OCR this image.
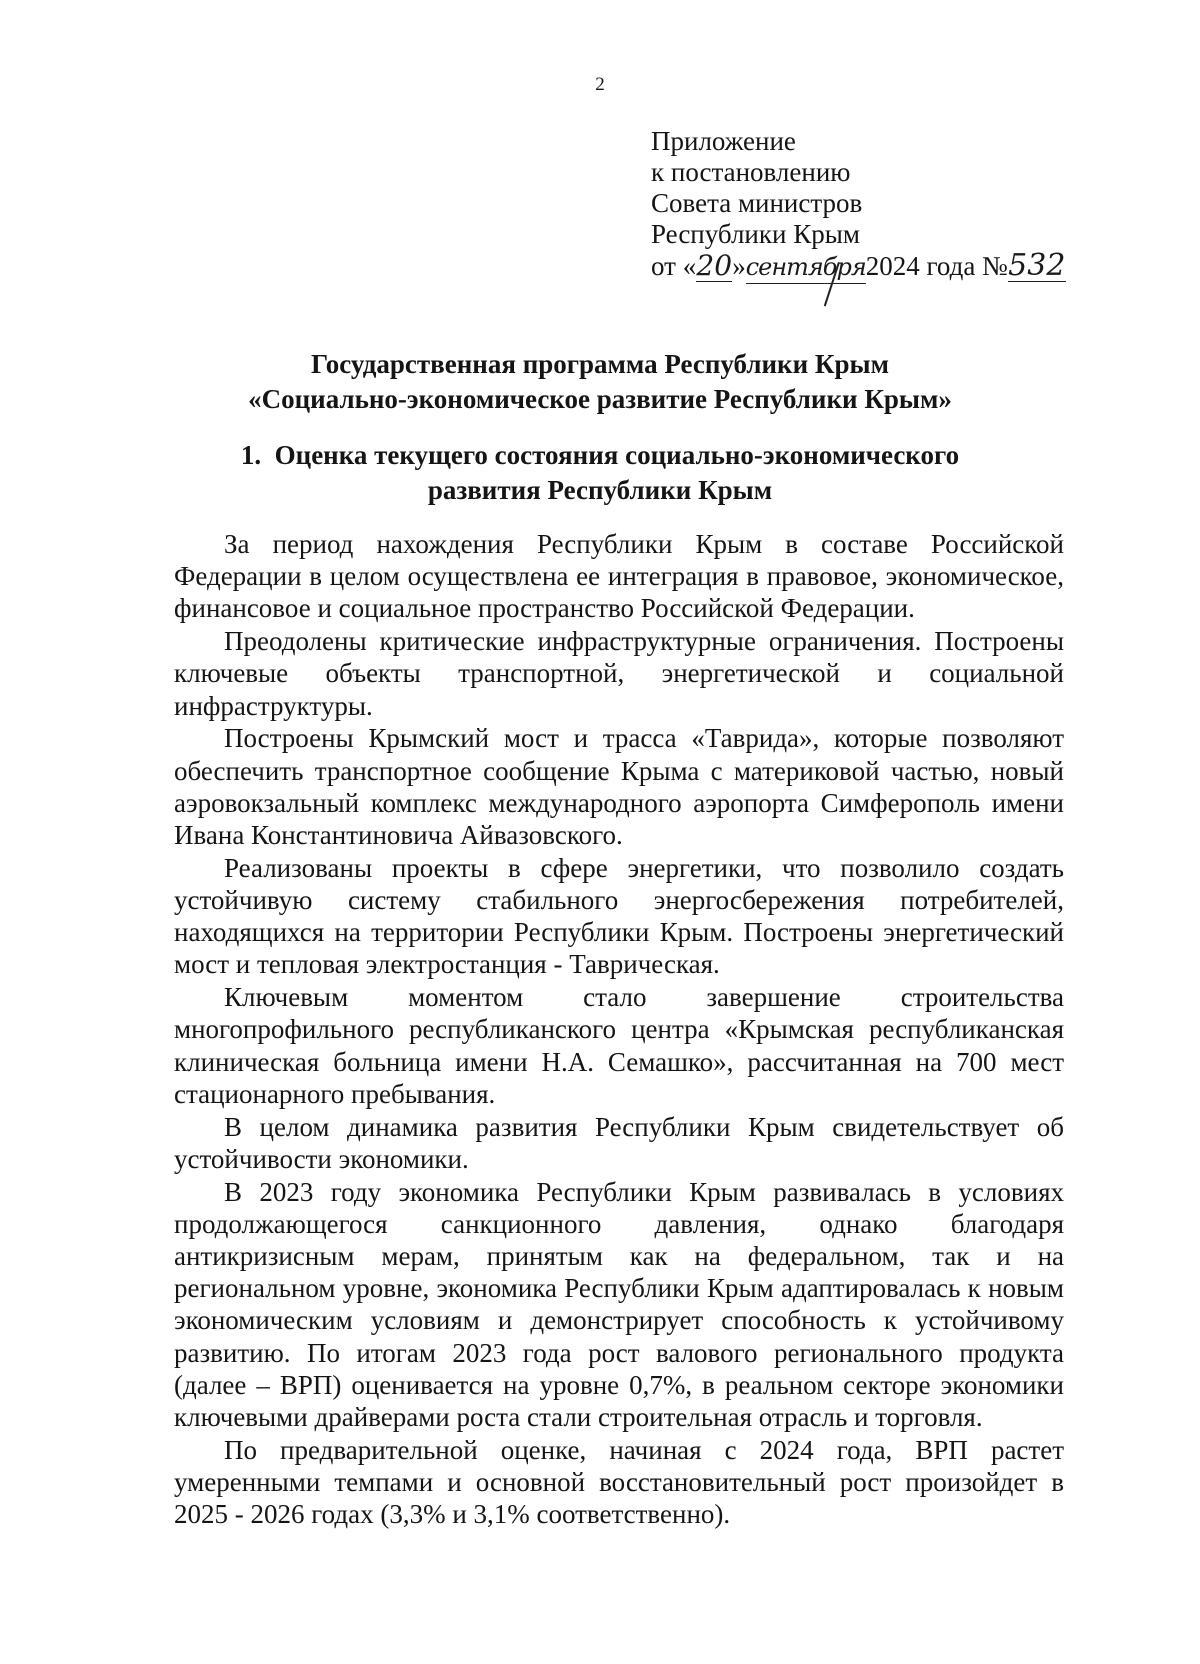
2
Приложение
к постановлению
Совета министров
Республики Крым
от «20»сентября2024 года №532
Государственная программа Республики Крым
«Социально-экономическое развитие Республики Крым»
1.  Оценка текущего состояния социально-экономического
развития Республики Крым

За период нахождения Республики Крым в составе Российской Федерации в целом осуществлена ее интеграция в правовое, экономическое, финансовое и социальное пространство Российской Федерации.

Преодолены критические инфраструктурные ограничения. Построены ключевые объекты транспортной, энергетической и социальной инфраструктуры.

Построены Крымский мост и трасса «Таврида», которые позволяют обеспечить транспортное сообщение Крыма с материковой частью, новый аэровокзальный комплекс международного аэропорта Симферополь имени Ивана Константиновича Айвазовского.

Реализованы проекты в сфере энергетики, что позволило создать устойчивую систему стабильного энергосбережения потребителей, находящихся на территории Республики Крым. Построены энергетический мост и тепловая электростанция - Таврическая.

Ключевым моментом стало завершение строительства многопрофильного республиканского центра «Крымская республиканская клиническая больница имени Н.А. Семашко», рассчитанная на 700 мест стационарного пребывания.

В целом динамика развития Республики Крым свидетельствует об устойчивости экономики.

В 2023 году экономика Республики Крым развивалась в условиях продолжающегося санкционного давления, однако благодаря антикризисным мерам, принятым как на федеральном, так и на региональном уровне, экономика Республики Крым адаптировалась к новым экономическим условиям и демонстрирует способность к устойчивому развитию. По итогам 2023 года рост валового регионального продукта (далее – ВРП) оценивается на уровне 0,7%, в реальном секторе экономики ключевыми драйверами роста стали строительная отрасль и торговля.

По предварительной оценке, начиная с 2024 года, ВРП растет умеренными темпами и основной восстановительный рост произойдет в 2025 - 2026 годах (3,3% и 3,1% соответственно).
